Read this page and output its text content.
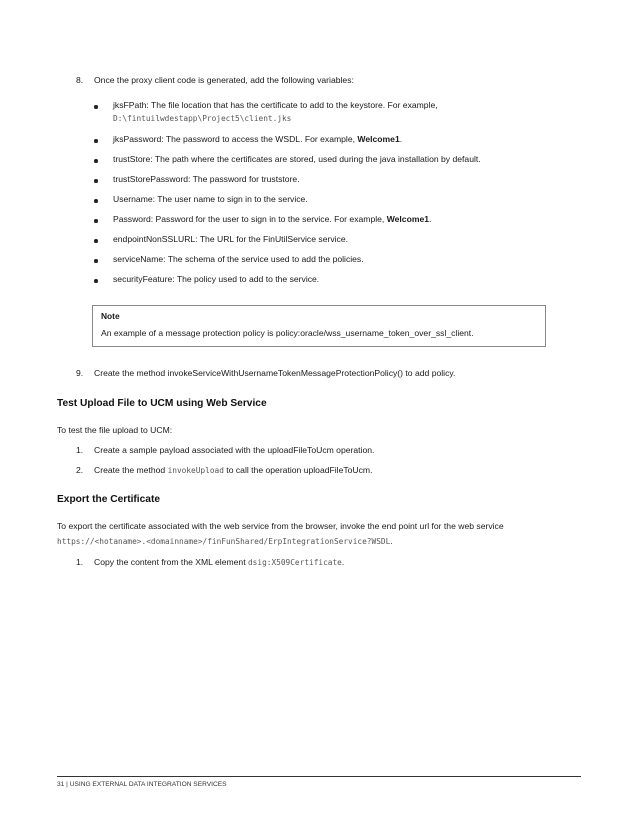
8. Once the proxy client code is generated, add the following variables:
jksFPath: The file location that has the certificate to add to the keystore. For example,
D:\fintuilwdestapp\Project5\client.jks
jksPassword: The password to access the WSDL. For example, Welcome1.
trustStore: The path where the certificates are stored, used during the java installation by default.
trustStorePassword: The password for truststore.
Username: The user name to sign in to the service.
Password: Password for the user to sign in to the service. For example, Welcome1.
endpointNonSSLURL: The URL for the FinUtilService service.
serviceName: The schema of the service used to add the policies.
securityFeature: The policy used to add to the service.
Note
An example of a message protection policy is policy:oracle/wss_username_token_over_ssl_client.
9. Create the method invokeServiceWithUsernameTokenMessageProtectionPolicy() to add policy.
Test Upload File to UCM using Web Service
To test the file upload to UCM:
1. Create a sample payload associated with the uploadFileToUcm operation.
2. Create the method invokeUpload to call the operation uploadFileToUcm.
Export the Certificate
To export the certificate associated with the web service from the browser, invoke the end point url for the web service
https://<hotaname>.<domainname>/finFunShared/ErpIntegrationService?WSDL.
1. Copy the content from the XML element dsig:X509Certificate.
31 | USING EXTERNAL DATA INTEGRATION SERVICES
